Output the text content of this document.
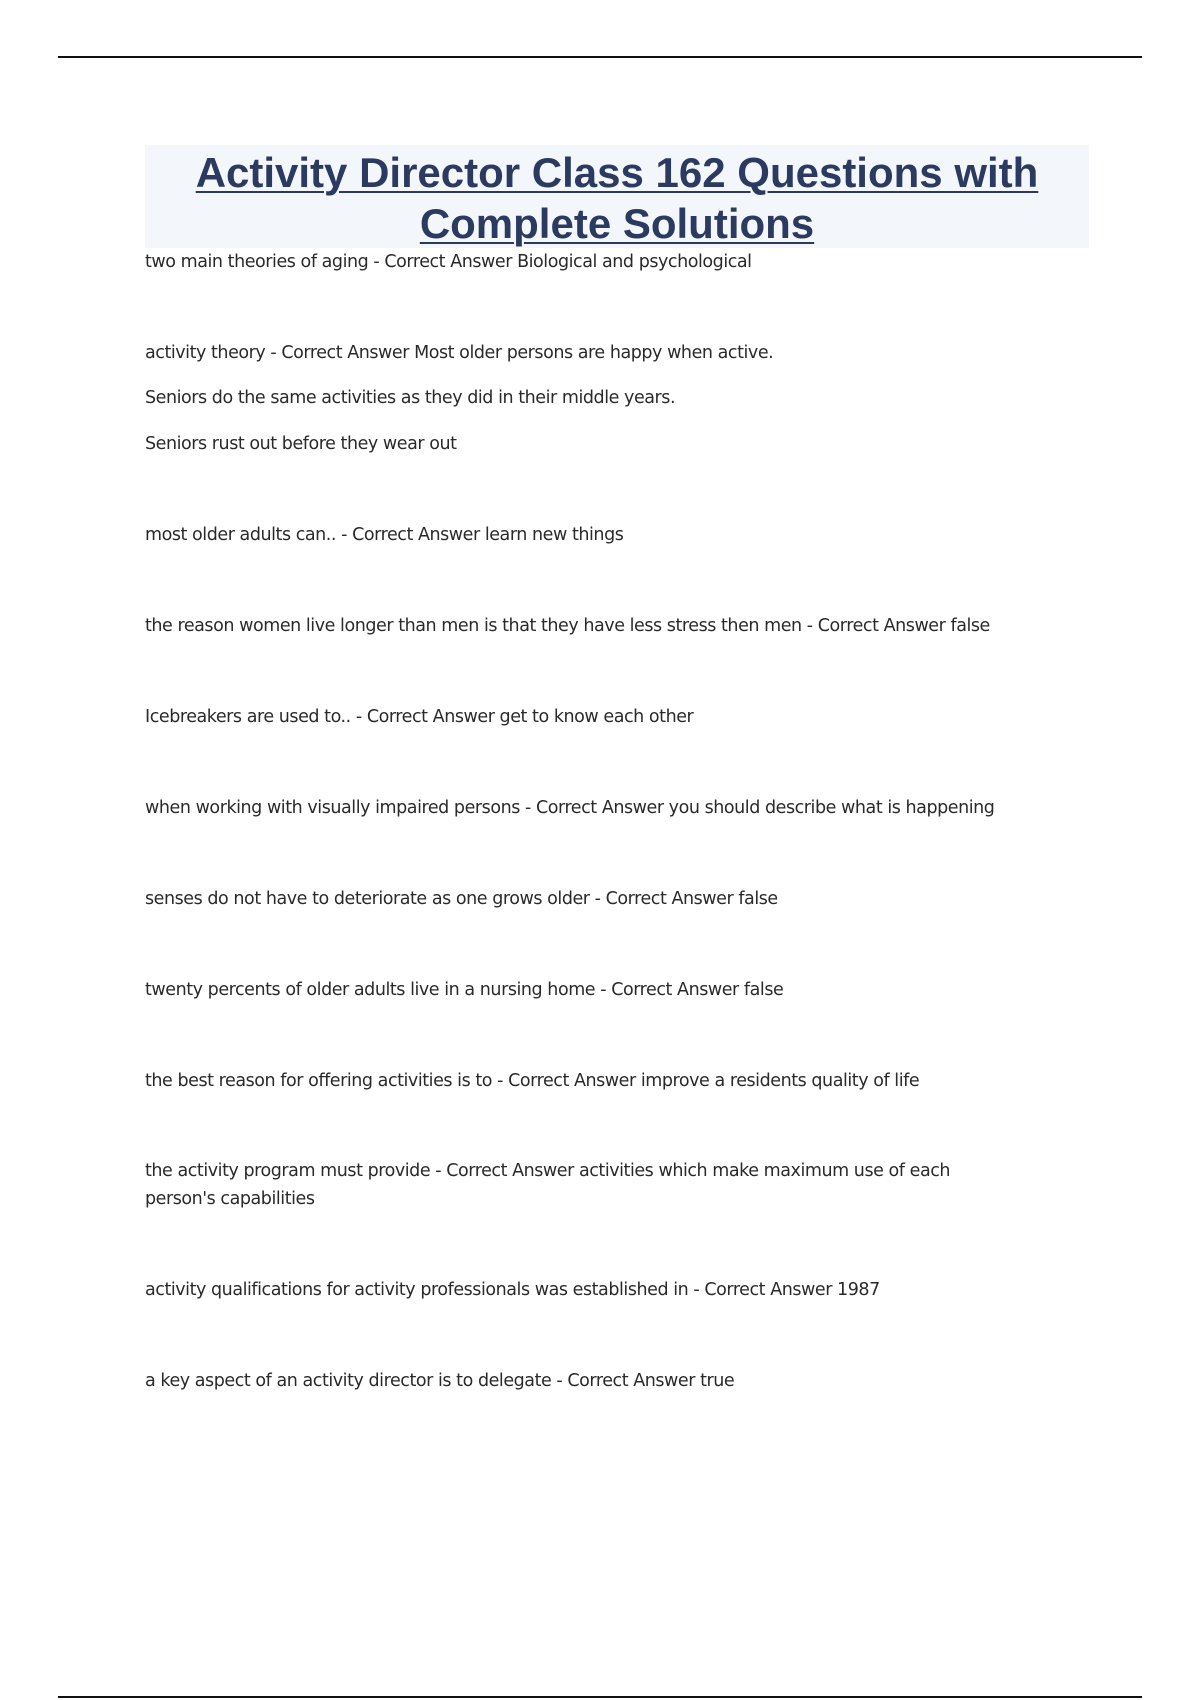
Activity Director Class 162 Questions with Complete Solutions

two main theories of aging - Correct Answer Biological and psychological

activity theory - Correct Answer Most older persons are happy when active.

Seniors do the same activities as they did in their middle years.

Seniors rust out before they wear out

most older adults can.. - Correct Answer learn new things

the reason women live longer than men is that they have less stress then men - Correct Answer false

Icebreakers are used to.. - Correct Answer get to know each other

when working with visually impaired persons - Correct Answer you should describe what is happening

senses do not have to deteriorate as one grows older - Correct Answer false

twenty percents of older adults live in a nursing home - Correct Answer false

the best reason for offering activities is to - Correct Answer improve a residents quality of life

the activity program must provide - Correct Answer activities which make maximum use of each
person's capabilities

activity qualifications for activity professionals was established in - Correct Answer 1987

a key aspect of an activity director is to delegate - Correct Answer true
